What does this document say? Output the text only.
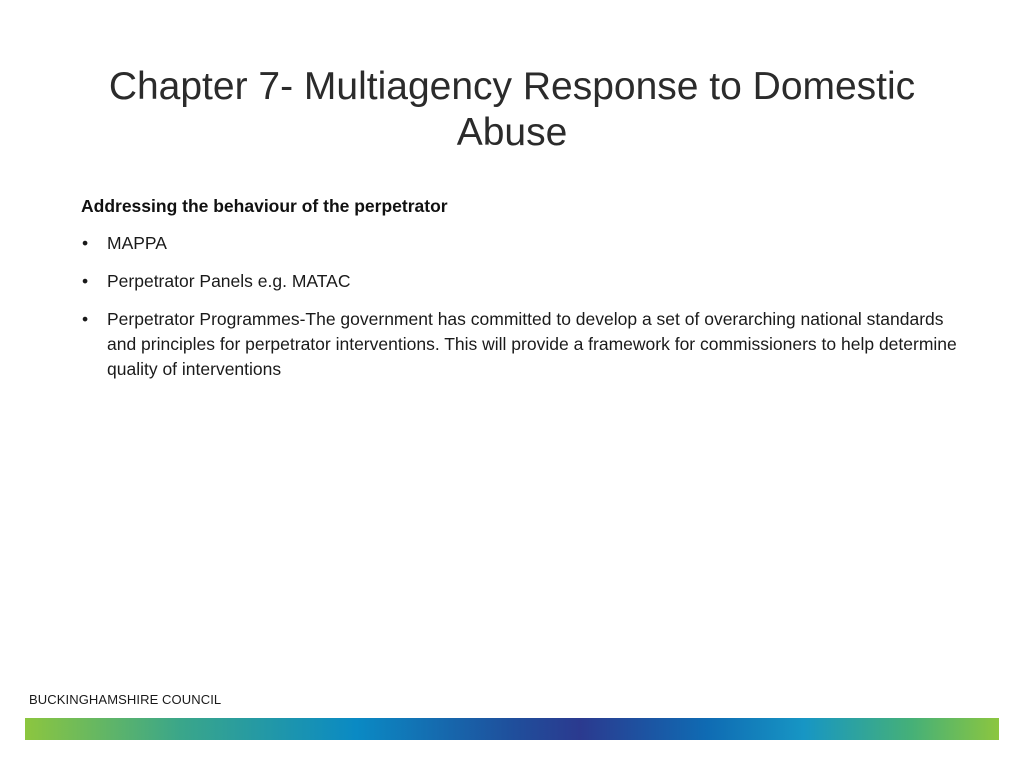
Chapter 7- Multiagency Response to Domestic Abuse

Addressing the behaviour of the perpetrator

• MAPPA
• Perpetrator Panels e.g. MATAC
• Perpetrator Programmes-The government has committed to develop a set of overarching national standards and principles for perpetrator interventions. This will provide a framework for commissioners to help determine quality of interventions
BUCKINGHAMSHIRE COUNCIL
